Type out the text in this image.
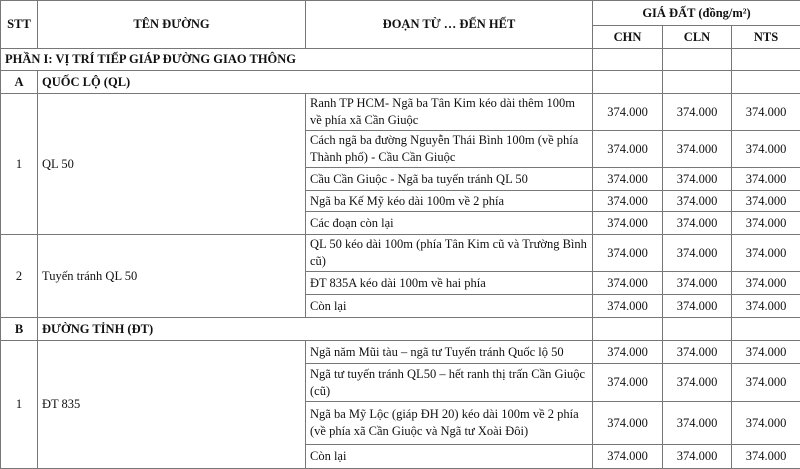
STT	TÊN ĐƯỜNG	ĐOẠN TỪ … ĐẾN HẾT	GIÁ ĐẤT (đồng/m²)		
			CHN	CLN	NTS
PHẦN I: VỊ TRÍ TIẾP GIÁP ĐƯỜNG GIAO THÔNG					
A	QUỐC LỘ (QL)				
1	QL 50	Ranh TP HCM- Ngã ba Tân Kim kéo dài thêm 100m về phía xã Cần Giuộc	374.000	374.000	374.000
		Cách ngã ba đường Nguyễn Thái Bình 100m (về phía Thành phố) - Cầu Cần Giuộc	374.000	374.000	374.000
		Cầu Cần Giuộc - Ngã ba tuyến tránh QL 50	374.000	374.000	374.000
		Ngã ba Kế Mỹ kéo dài 100m về 2 phía	374.000	374.000	374.000
		Các đoạn còn lại	374.000	374.000	374.000
2	Tuyến tránh QL 50	QL 50 kéo dài 100m (phía Tân Kim cũ và Trường Bình cũ)	374.000	374.000	374.000
		ĐT 835A kéo dài 100m về hai phía	374.000	374.000	374.000
		Còn lại	374.000	374.000	374.000
B	ĐƯỜNG TỈNH (ĐT)				
1	ĐT 835	Ngã năm Mũi tàu – ngã tư Tuyến tránh Quốc lộ 50	374.000	374.000	374.000
		Ngã tư tuyến tránh QL50 – hết ranh thị trấn Cần Giuộc (cũ)	374.000	374.000	374.000
		Ngã ba Mỹ Lộc (giáp ĐH 20) kéo dài 100m về 2 phía (về phía xã Cần Giuộc và Ngã tư Xoài Đôi)	374.000	374.000	374.000
		Còn lại	374.000	374.000	374.000
